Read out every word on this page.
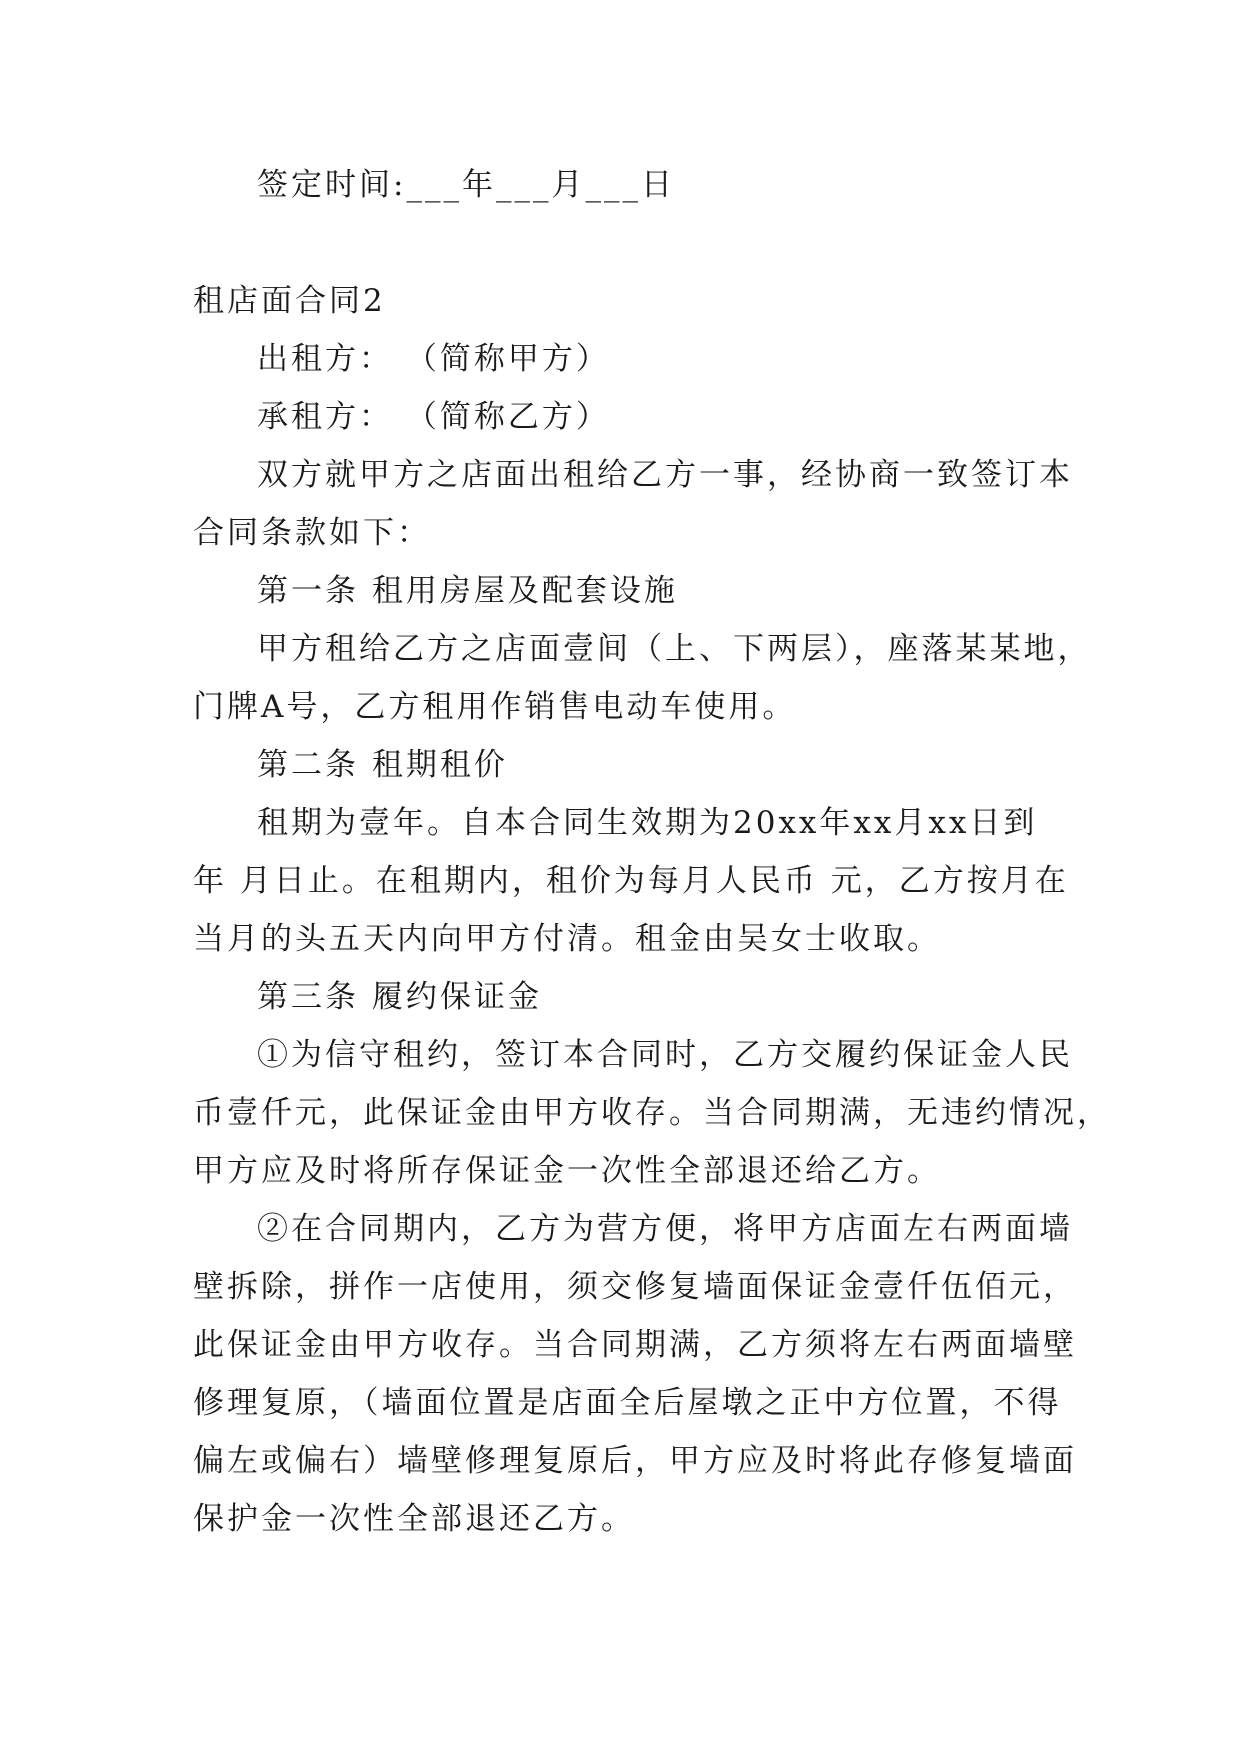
签定时间:___年___月___日
租店面合同2
出租方： （简称甲方）
承租方： （简称乙方）
双方就甲方之店面出租给乙方一事，经协商一致签订本
合同条款如下：
第一条 租用房屋及配套设施
甲方租给乙方之店面壹间（上、下两层），座落某某地，
门牌A号，乙方租用作销售电动车使用。
第二条 租期租价
租期为壹年。自本合同生效期为20xx年xx月xx日到
年 月日止。在租期内，租价为每月人民币 元，乙方按月在
当月的头五天内向甲方付清。租金由吴女士收取。
第三条 履约保证金
①为信守租约，签订本合同时，乙方交履约保证金人民
币壹仟元，此保证金由甲方收存。当合同期满，无违约情况，
甲方应及时将所存保证金一次性全部退还给乙方。
②在合同期内，乙方为营方便，将甲方店面左右两面墙
壁拆除，拼作一店使用，须交修复墙面保证金壹仟伍佰元，
此保证金由甲方收存。当合同期满，乙方须将左右两面墙壁
修理复原，（墙面位置是店面全后屋墩之正中方位置，不得
偏左或偏右）墙壁修理复原后，甲方应及时将此存修复墙面
保护金一次性全部退还乙方。
